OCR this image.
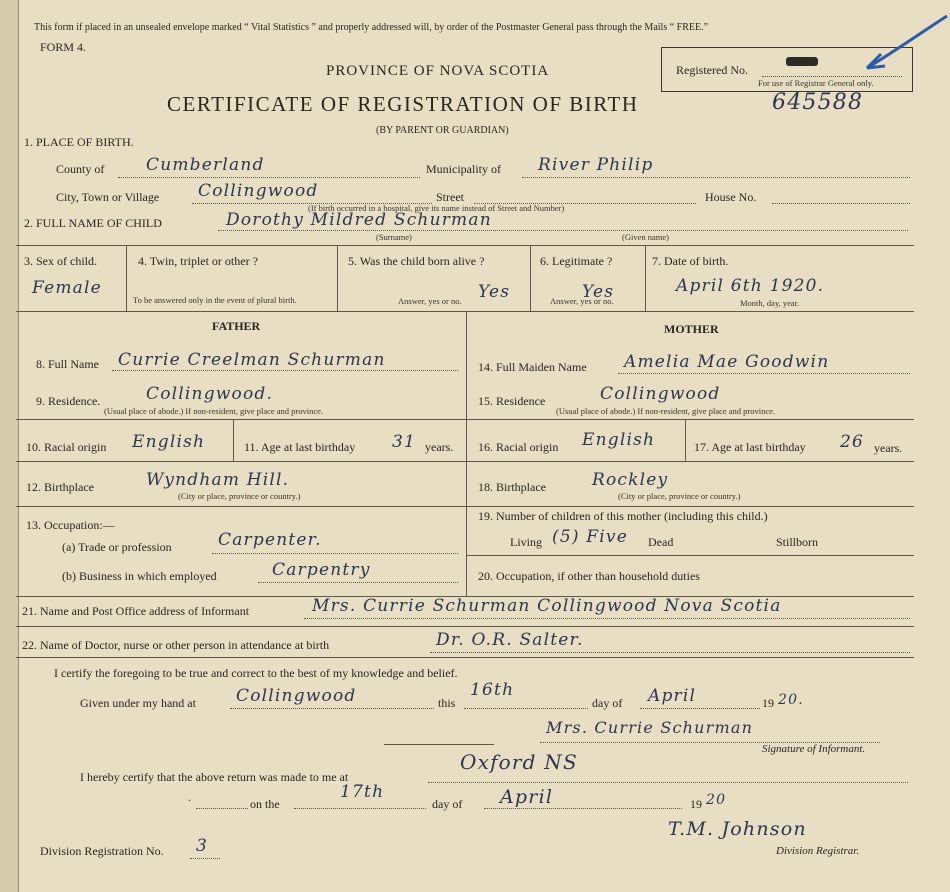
This form if placed in an unsealed envelope marked “ Vital Statistics ” and properly addressed will, by order of the Postmaster General pass through the Mails “ FREE.”
FORM 4.
PROVINCE OF NOVA SCOTIA
CERTIFICATE OF REGISTRATION OF BIRTH	645588
(BY PARENT OR GUARDIAN)
Registered No.
For use of Registrar General only.
1. PLACE OF BIRTH.
County of Cumberland	Municipality of River Philip
City, Town or Village Collingwood	Street	House No.
(If birth occurred in a hospital, give its name instead of Street and Number)
2. FULL NAME OF CHILD	Dorothy Mildred Schurman
(Surname)	(Given name)
3. Sex of child.
Female
4. Twin, triplet or other ?
To be answered only in the event of plural birth.
5. Was the child born alive ?
Yes
Answer, yes or no.
6. Legitimate ?
Yes
Answer, yes or no.
7. Date of birth.
April 6th 1920.
Month, day, year.
FATHER
8. Full Name Currie Creelman Schurman
9. Residence.	Collingwood.
(Usual place of abode.) If non-resident, give place and province.
10. Racial origin English	11. Age at last birthday 31 years.
12. Birthplace	Wyndham Hill.
(City or place, province or country.)
13. Occupation:—
(a) Trade or profession	Carpenter.
(b) Business in which employed	Carpentry
MOTHER
14. Full Maiden Name Amelia Mae Goodwin
15. Residence	Collingwood
(Usual place of abode.) If non-resident, give place and province.
16. Racial origin English	17. Age at last birthday 26 years.
18. Birthplace	Rockley
(City or place, province or country.)
19. Number of children of this mother (including this child.)
Living (5) Five Dead	Stillborn
20. Occupation, if other than household duties
21. Name and Post Office address of Informant	Mrs. Currie Schurman Collingwood Nova Scotia
22. Name of Doctor, nurse or other person in attendance at birth	Dr. O.R. Salter.
I certify the foregoing to be true and correct to the best of my knowledge and belief.
Given under my hand at Collingwood	this
16th
day of April	19 20.
Mrs. Currie Schurman
Signature of Informant.
I hereby certify that the above return was made to me at
Oxford NS
.	on the
17th
day of April	19 20
Division Registration No. 3
T.M. Johnson
Division Registrar.
